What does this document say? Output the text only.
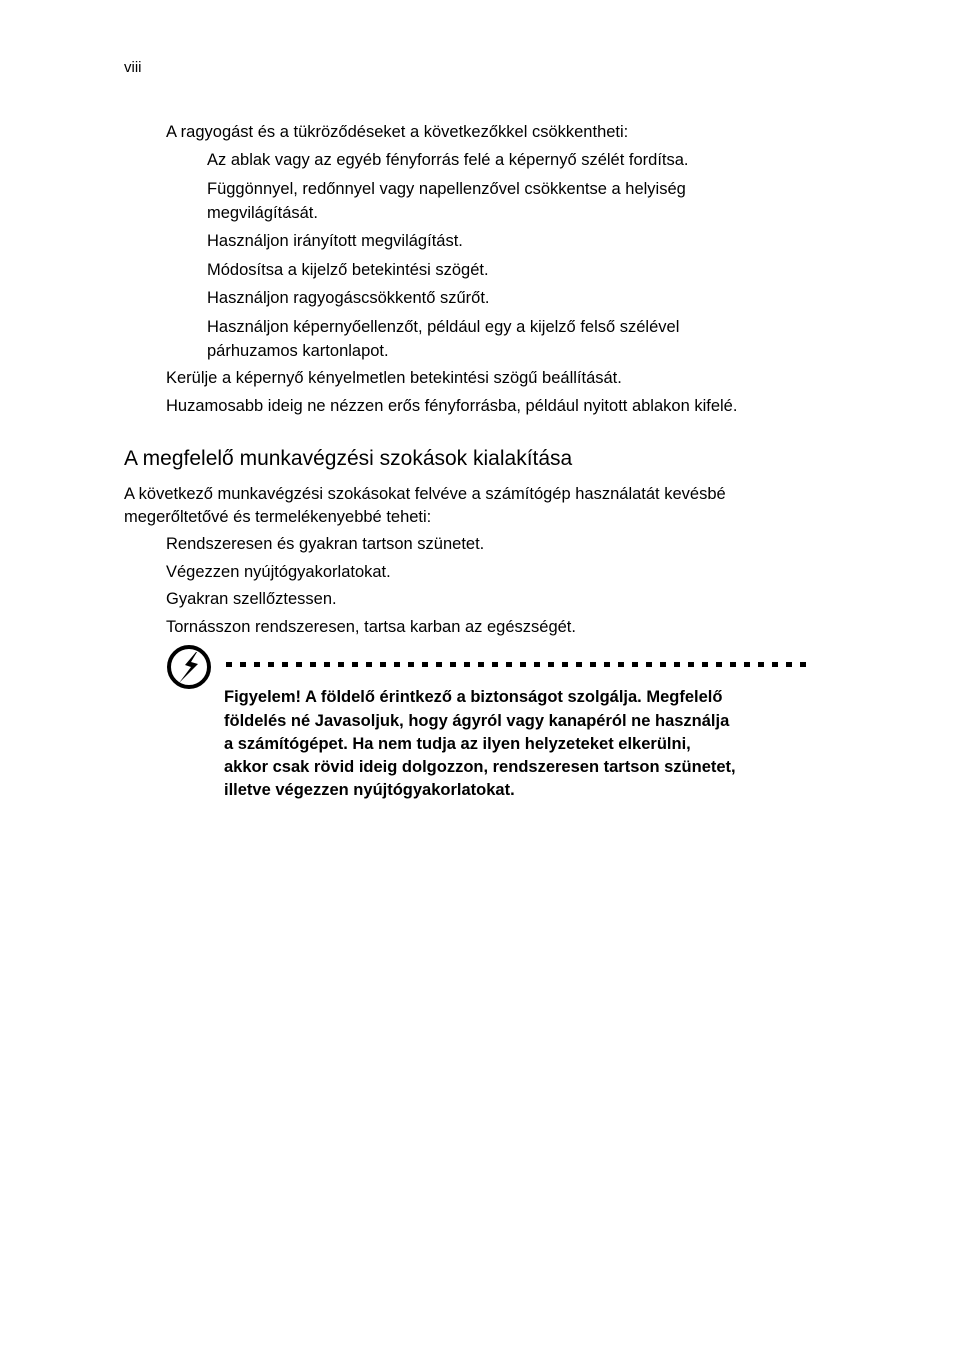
viii
A ragyogást és a tükröződéseket a következőkkel csökkentheti:
Az ablak vagy az egyéb fényforrás felé a képernyő szélét fordítsa.
Függönnyel, redőnnyel vagy napellenzővel csökkentse a helyiség
megvilágítását.
Használjon irányított megvilágítást.
Módosítsa a kijelző betekintési szögét.
Használjon ragyogáscsökkentő szűrőt.
Használjon képernyőellenzőt, például egy a kijelző felső szélével
párhuzamos kartonlapot.
Kerülje a képernyő kényelmetlen betekintési szögű beállítását.
Huzamosabb ideig ne nézzen erős fényforrásba, például nyitott ablakon kifelé.
A megfelelő munkavégzési szokások kialakítása
A következő munkavégzési szokásokat felvéve a számítógép használatát kevésbé
megerőltetővé és termelékenyebbé teheti:
Rendszeresen és gyakran tartson szünetet.
Végezzen nyújtógyakorlatokat.
Gyakran szellőztessen.
Tornásszon rendszeresen, tartsa karban az egészségét.
Figyelem! A földelő érintkező a biztonságot szolgálja. Megfelelő
földelés né Javasoljuk, hogy ágyról vagy kanapéról ne használja
a számítógépet. Ha nem tudja az ilyen helyzeteket elkerülni,
akkor csak rövid ideig dolgozzon, rendszeresen tartson szünetet,
illetve végezzen nyújtógyakorlatokat.
